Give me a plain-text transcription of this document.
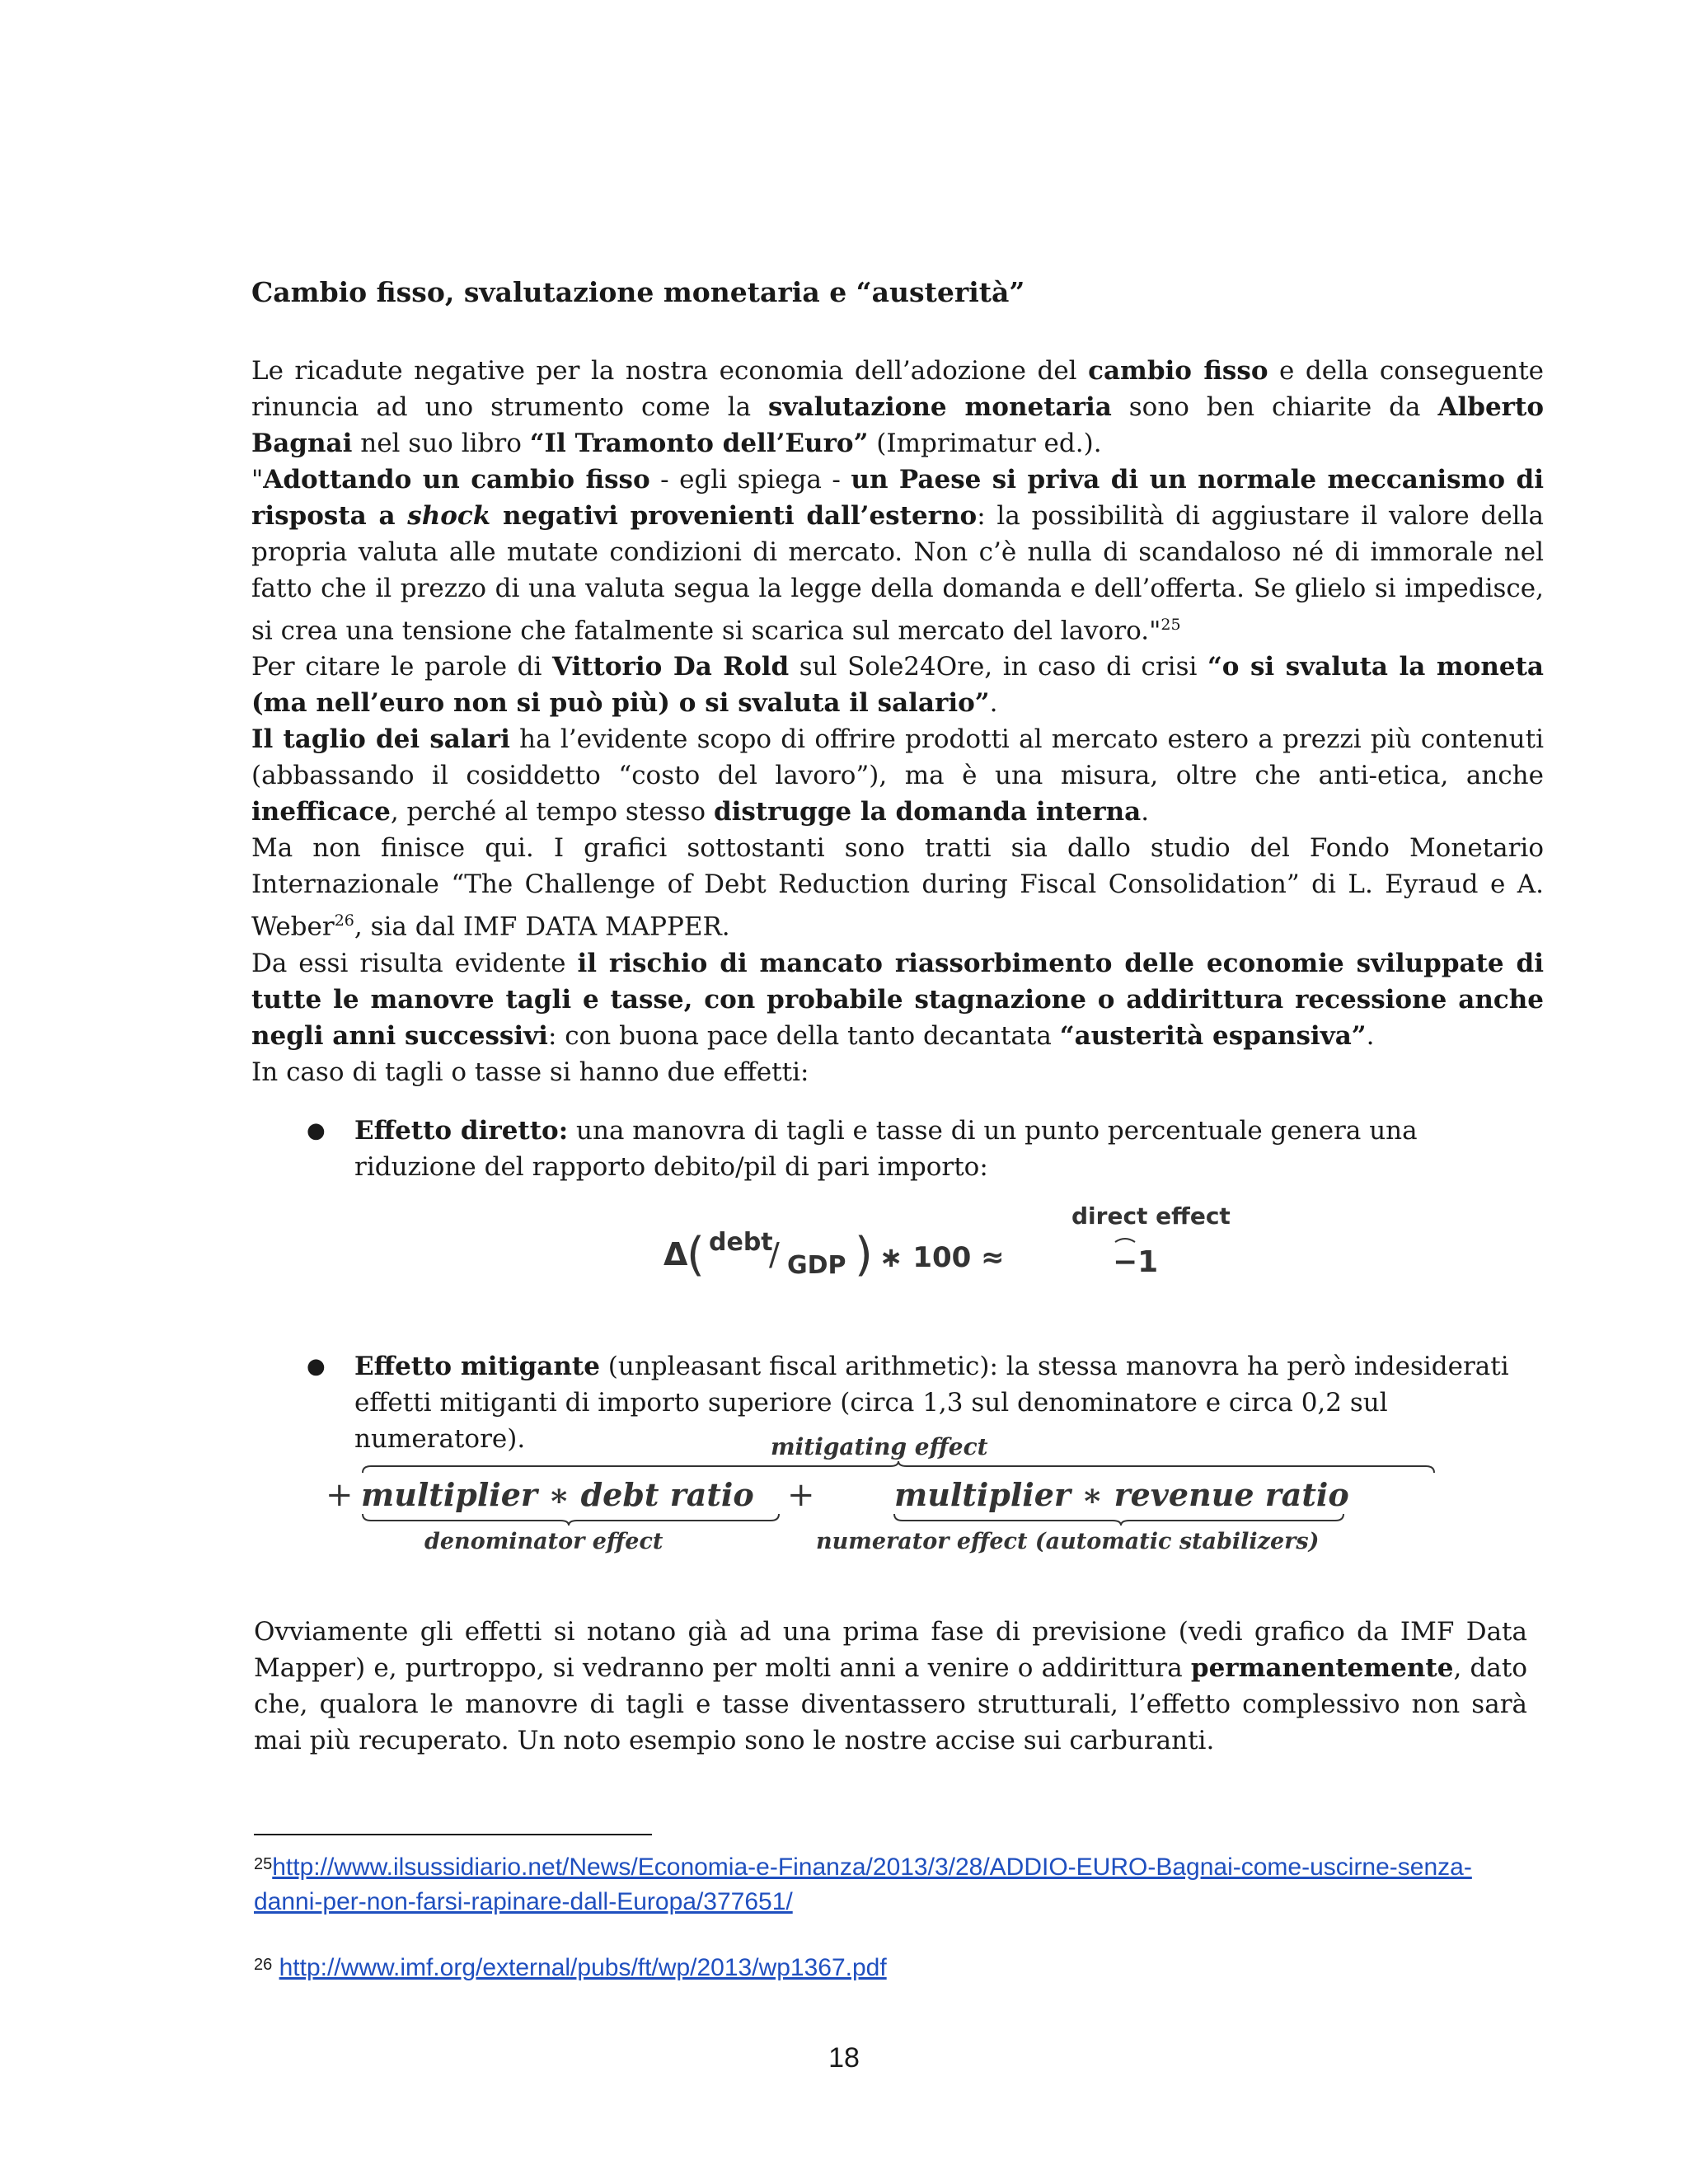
Cambio fisso, svalutazione monetaria e “austerità”

Le ricadute negative per la nostra economia dell’adozione del cambio fisso e della conseguente rinuncia ad uno strumento come la svalutazione monetaria sono ben chiarite da Alberto Bagnai nel suo libro “Il Tramonto dell’Euro” (Imprimatur ed.).

"Adottando un cambio fisso - egli spiega - un Paese si priva di un normale meccanismo di risposta a shock negativi provenienti dall’esterno: la possibilità di aggiustare il valore della propria valuta alle mutate condizioni di mercato. Non c’è nulla di scandaloso né di immorale nel fatto che il prezzo di una valuta segua la legge della domanda e dell’offerta. Se glielo si impedisce, si crea una tensione che fatalmente si scarica sul mercato del lavoro."$^{25}$

Per citare le parole di Vittorio Da Rold sul Sole24Ore, in caso di crisi “o si svaluta la moneta (ma nell’euro non si può più) o si svaluta il salario”.

Il taglio dei salari ha l’evidente scopo di offrire prodotti al mercato estero a prezzi più contenuti (abbassando il cosiddetto “costo del lavoro”), ma è una misura, oltre che anti-etica, anche inefficace, perché al tempo stesso distrugge la domanda interna.

Ma non finisce qui. I grafici sottostanti sono tratti sia dallo studio del Fondo Monetario Internazionale “The Challenge of Debt Reduction during Fiscal Consolidation” di L. Eyraud e A. Weber$^{26}$, sia dal IMF DATA MAPPER.

Da essi risulta evidente il rischio di mancato riassorbimento delle economie sviluppate di tutte le manovre tagli e tasse, con probabile stagnazione o addirittura recessione anche negli anni successivi: con buona pace della tanto decantata “austerità espansiva”.

In caso di tagli o tasse si hanno due effetti:

● Effetto diretto: una manovra di tagli e tasse di un punto percentuale genera una riduzione del rapporto debito/pil di pari importo:
direct effect
Δ
( debt
/ GDP ) ∗ 100 ≈	−1
● Effetto mitigante (unpleasant fiscal arithmetic): la stessa manovra ha però indesiderati effetti mitiganti di importo superiore (circa 1,3 sul denominatore e circa 0,2 sul numeratore).	mitigating effect
+ multiplier ∗ debt ratio +	multiplier ∗ revenue ratio
denominator effect	numerator effect (automatic stabilizers)
Ovviamente gli effetti si notano già ad una prima fase di previsione (vedi grafico da IMF Data Mapper) e, purtroppo, si vedranno per molti anni a venire o addirittura permanentemente, dato che, qualora le manovre di tagli e tasse diventassero strutturali, l’effetto complessivo non sarà mai più recuperato. Un noto esempio sono le nostre accise sui carburanti.
$^{25}$http://www.ilsussidiario.net/News/Economia-e-Finanza/2013/3/28/ADDIO-EURO-Bagnai-come-uscirne-senza-danni-per-non-farsi-rapinare-dall-Europa/377651/
$^{26}$ http://www.imf.org/external/pubs/ft/wp/2013/wp1367.pdf
18
